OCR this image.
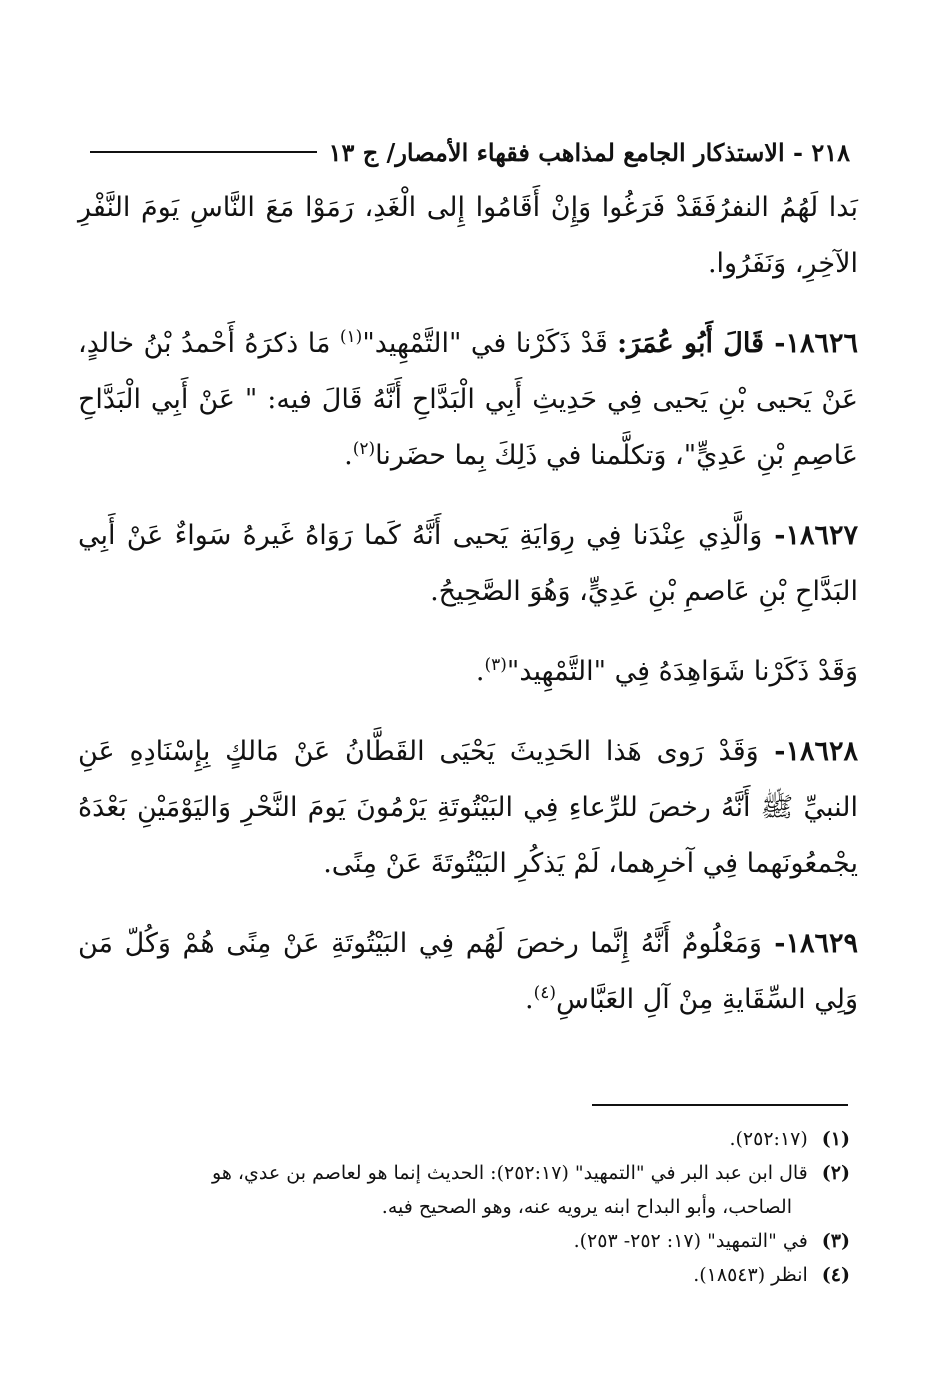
٢١٨ - الاستذكار الجامع لمذاهب فقهاء الأمصار/ ج ١٣

بَدا لَهُمُ النفرُفَقَدْ فَرَغُوا وَإِنْ أَقَامُوا إِلى الْغَدِ، رَمَوْا مَعَ النَّاسِ يَومَ النَّفْرِ الآخِرِ، وَنَفَرُوا.

١٨٦٢٦- قَالَ أَبُو عُمَرَ: قَدْ ذَكَرْنا في "التَّمْهِيد"$^{(١)}$ مَا ذكرَهُ أَحْمدُ بْنُ خالدٍ، عَنْ يَحيى بْنِ يَحيى فِي حَدِيثِ أَبِي الْبَدَّاحِ أَنَّهُ قَالَ فيه: " عَنْ أَبِي الْبَدَّاحِ عَاصِمِ بْنِ عَدِيٍّ"، وَتكلَّمنا في ذَلِكَ بِما حضَرنا$^{(٢)}$.

١٨٦٢٧- وَالَّذِي عِنْدَنا فِي رِوَايَةِ يَحيى أَنَّهُ كَما رَوَاهُ غَيرهُ سَواءٌ عَنْ أَبِي البَدَّاحِ بْنِ عَاصمِ بْنِ عَدِيٍّ، وَهُوَ الصَّحِيحُ.

وَقَدْ ذَكَرْنا شَوَاهِدَهُ فِي "التَّمْهِيد"$^{(٣)}$.

١٨٦٢٨- وَقَدْ رَوى هَذا الحَدِيثَ يَحْيَى القَطَّانُ عَنْ مَالكٍ بِإِسْنَادِهِ عَنِ النبيِّ ﷺ أَنَّهُ رخصَ للرِّعاءِ فِي البَيْتُوتَةِ يَرْمُونَ يَومَ النَّحْرِ وَاليَوْمَيْنِ بَعْدَهُ يجْمعُونَهما فِي آخرِهما، لَمْ يَذكُرِ البَيْتُوتَةَ عَنْ مِنًى.

١٨٦٢٩- وَمَعْلُومٌ أَنَّهُ إِنَّما رخصَ لَهُم فِي البَيْتُوتَةِ عَنْ مِنًى هُمْ وَكُلّ مَن وَلِي السِّقَايةِ مِنْ آلِ العَبَّاسِ$^{(٤)}$.

(١)(٢٥٢:١٧).

(٢)قال ابن عبد البر في "التمهيد" (٢٥٢:١٧): الحديث إنما هو لعاصم بن عدي، هو

الصاحب، وأبو البداح ابنه يرويه عنه، وهو الصحيح فيه.

(٣)في "التمهيد" (١٧: ٢٥٢- ٢٥٣).

(٤)انظر (١٨٥٤٣).
